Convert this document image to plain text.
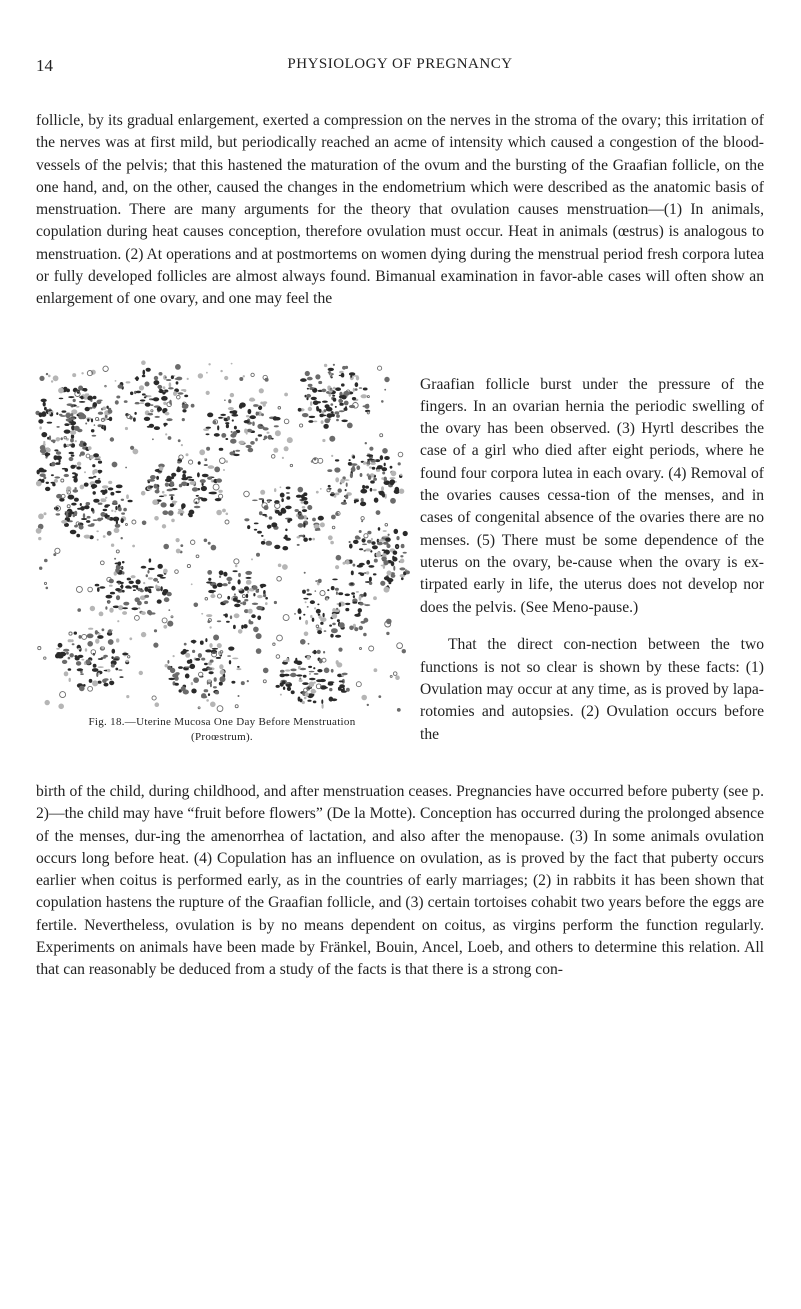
14	PHYSIOLOGY OF PREGNANCY

follicle, by its gradual enlargement, exerted a compression on the nerves in the stroma of the ovary; this irritation of the nerves was at first mild, but periodically reached an acme of intensity which caused a congestion of the blood-vessels of the pelvis; that this hastened the maturation of the ovum and the bursting of the Graafian follicle, on the one hand, and, on the other, caused the changes in the endometrium which were described as the anatomic basis of menstruation. There are many arguments for the theory that ovulation causes menstruation—(1) In animals, copulation during heat causes conception, therefore ovulation must occur. Heat in animals (œstrus) is analogous to menstruation. (2) At operations and at postmortems on women dying during the menstrual period fresh corpora lutea or fully developed follicles are almost always found. Bimanual examination in favor-able cases will often show an enlargement of one ovary, and one may feel the

Fig. 18.—Uterine Mucosa One Day Before Menstruation
(Proœstrum).

Graafian follicle burst under the pressure of the fingers. In an ovarian hernia the periodic swelling of the ovary has been observed. (3) Hyrtl describes the case of a girl who died after eight periods, where he found four corpora lutea in each ovary. (4) Removal of the ovaries causes cessa-tion of the menses, and in cases of congenital absence of the ovaries there are no menses. (5) There must be some dependence of the uterus on the ovary, be-cause when the ovary is ex-tirpated early in life, the uterus does not develop nor does the pelvis. (See Meno-pause.)

That the direct con-nection between the two functions is not so clear is shown by these facts: (1) Ovulation may occur at any time, as is proved by lapa-rotomies and autopsies. (2) Ovulation occurs before the

birth of the child, during childhood, and after menstruation ceases. Pregnancies have occurred before puberty (see p. 2)—the child may have “fruit before flowers” (De la Motte). Conception has occurred during the prolonged absence of the menses, dur-ing the amenorrhea of lactation, and also after the menopause. (3) In some animals ovulation occurs long before heat. (4) Copulation has an influence on ovulation, as is proved by the fact that puberty occurs earlier when coitus is performed early, as in the countries of early marriages; (2) in rabbits it has been shown that copulation hastens the rupture of the Graafian follicle, and (3) certain tortoises cohabit two years before the eggs are fertile. Nevertheless, ovulation is by no means dependent on coitus, as virgins perform the function regularly. Experiments on animals have been made by Fränkel, Bouin, Ancel, Loeb, and others to determine this relation. All that can reasonably be deduced from a study of the facts is that there is a strong con-
